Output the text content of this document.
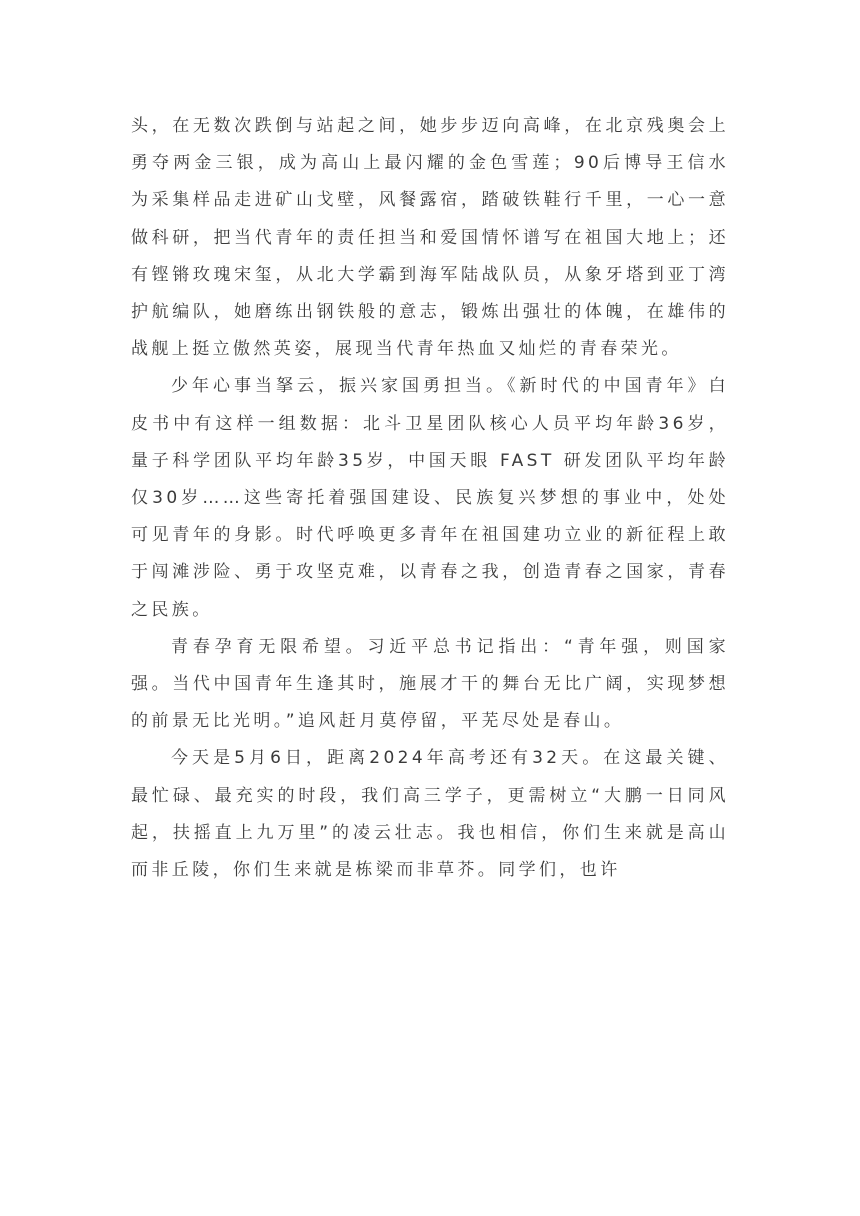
头，在无数次跌倒与站起之间，她步步迈向高峰，在北京残奥会上勇夺两金三银，成为高山上最闪耀的金色雪莲；90后博导王信水为采集样品走进矿山戈壁，风餐露宿，踏破铁鞋行千里，一心一意做科研，把当代青年的责任担当和爱国情怀谱写在祖国大地上；还有铿锵玫瑰宋玺，从北大学霸到海军陆战队员，从象牙塔到亚丁湾护航编队，她磨练出钢铁般的意志，锻炼出强壮的体魄，在雄伟的战舰上挺立傲然英姿，展现当代青年热血又灿烂的青春荣光。

少年心事当拏云，振兴家国勇担当。《新时代的中国青年》白皮书中有这样一组数据：北斗卫星团队核心人员平均年龄36岁，量子科学团队平均年龄35岁，中国天眼 FAST 研发团队平均年龄仅30岁……这些寄托着强国建设、民族复兴梦想的事业中，处处可见青年的身影。时代呼唤更多青年在祖国建功立业的新征程上敢于闯滩涉险、勇于攻坚克难，以青春之我，创造青春之国家，青春之民族。

青春孕育无限希望。习近平总书记指出：“青年强，则国家强。当代中国青年生逢其时，施展才干的舞台无比广阔，实现梦想的前景无比光明。”追风赶月莫停留，平芜尽处是春山。

今天是5月6日，距离2024年高考还有32天。在这最关键、最忙碌、最充实的时段，我们高三学子，更需树立“大鹏一日同风起，扶摇直上九万里”的凌云壮志。我也相信，你们生来就是高山而非丘陵，你们生来就是栋梁而非草芥。同学们，也许
